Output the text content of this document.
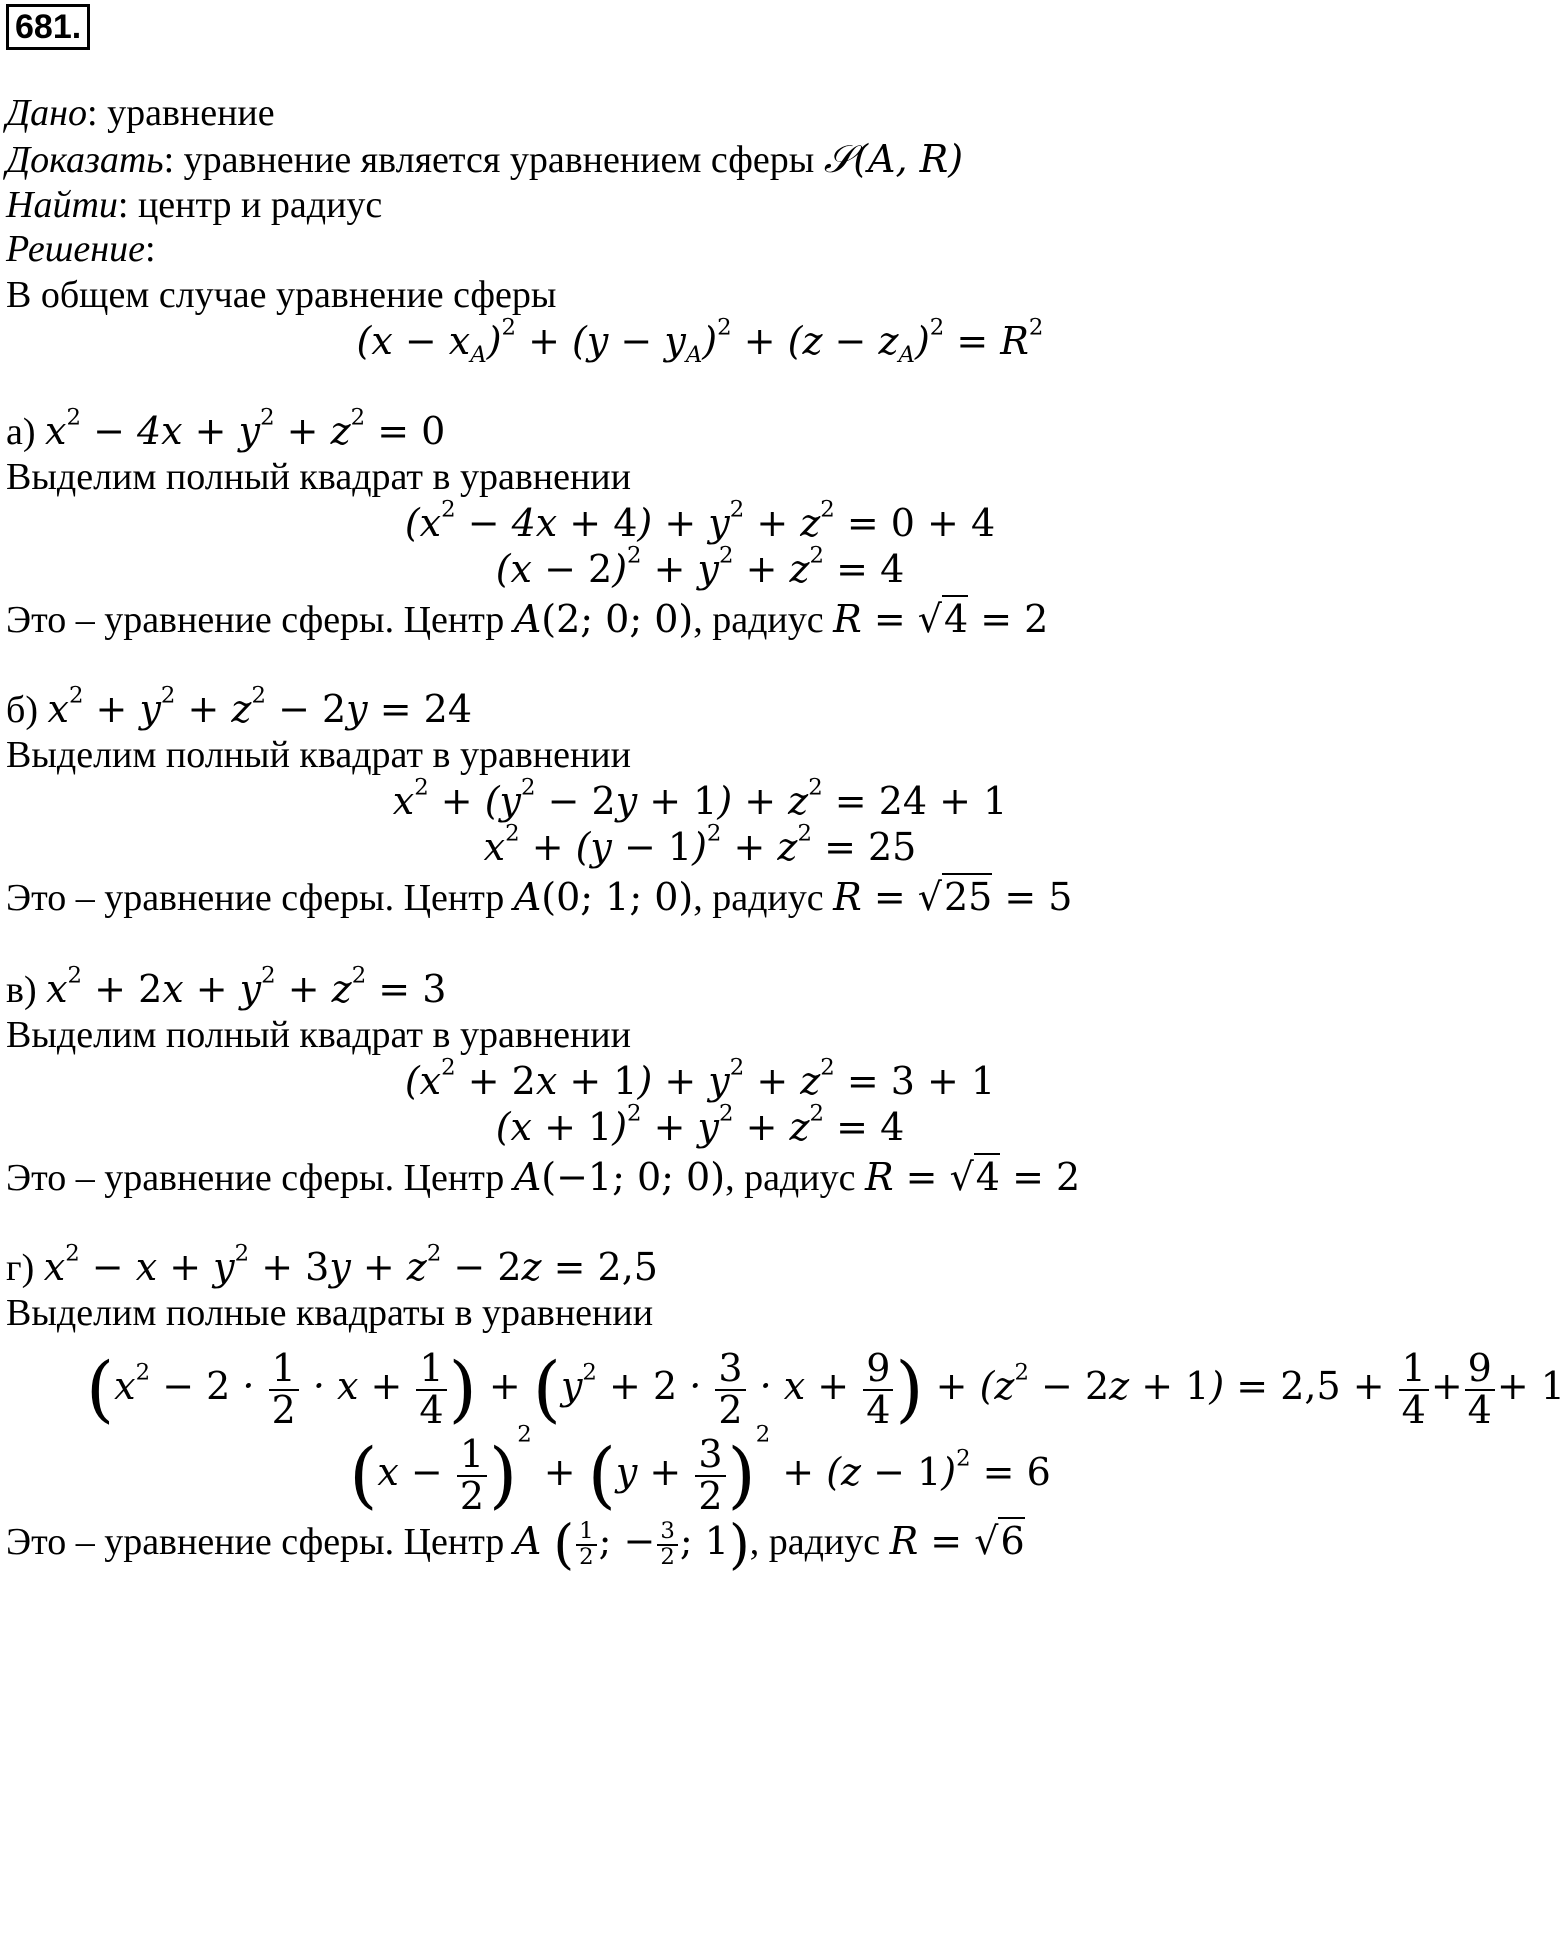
681.
Дано: уравнение
Доказать: уравнение является уравнением сферы 𝒮(A, R)
Найти: центр и радиус
Решение:
В общем случае уравнение сферы
$(x - x_A)^2 + (y - y_A)^2 + (z - z_A)^2 = R^2$
а) $x^2 - 4x + y^2 + z^2 = 0$
Выделим полный квадрат в уравнении
$(x^2 - 4x + 4) + y^2 + z^2 = 0 + 4$
$(x - 2)^2 + y^2 + z^2 = 4$
Это – уравнение сферы. Центр A(2; 0; 0), радиус R = √4 = 2
б) $x^2 + y^2 + z^2 - 2y = 24$
Выделим полный квадрат в уравнении
$x^2 + (y^2 - 2y + 1) + z^2 = 24 + 1$
$x^2 + (y - 1)^2 + z^2 = 25$
Это – уравнение сферы. Центр A(0; 1; 0), радиус R = √25 = 5
в) $x^2 + 2x + y^2 + z^2 = 3$
Выделим полный квадрат в уравнении
$(x^2 + 2x + 1) + y^2 + z^2 = 3 + 1$
$(x + 1)^2 + y^2 + z^2 = 4$
Это – уравнение сферы. Центр A(−1; 0; 0), радиус R = √4 = 2
г) $x^2 - x + y^2 + 3y + z^2 - 2z = 2,5$
Выделим полные квадраты в уравнении
($x^2 - 2 \cdot \frac{1}{2} \cdot x + \frac{1}{4}$ ) + ($y^2 + 2 \cdot \frac{3}{2} \cdot x + \frac{9}{4}$ ) + $(z^2 - 2z + 1) = 2,5 + \frac{1}{4} + \frac{9}{4} + 1$
$(x - \frac{1}{2} )^2 + (y + \frac{3}{2} )^2 + (z - 1)^2 = 6$
Это – уравнение сферы. Центр A ( $\frac{1}{2}$ ; − $\frac{3}{2}$ ; 1), радиус R = √6
